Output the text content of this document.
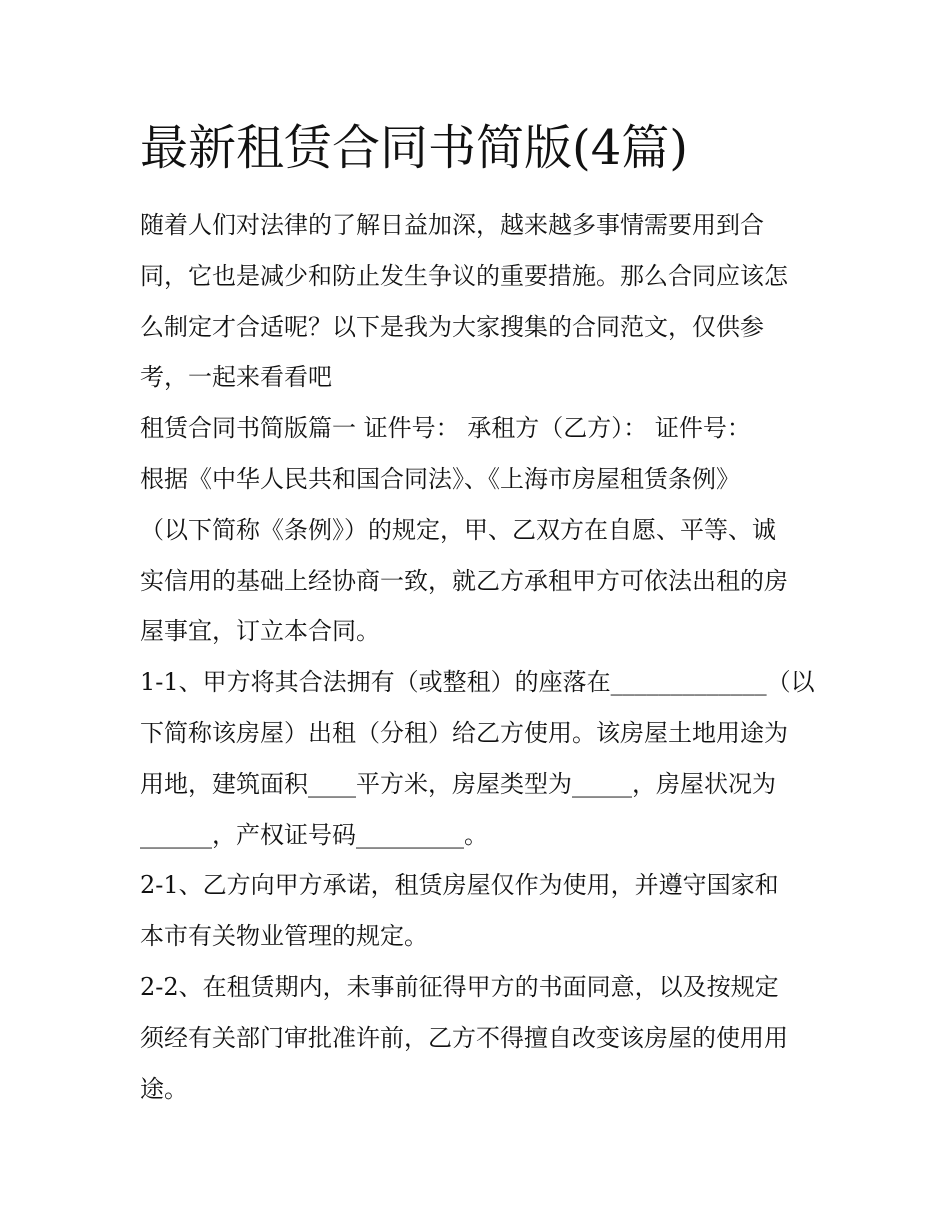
最新租赁合同书简版(4篇)

随着人们对法律的了解日益加深，越来越多事情需要用到合

同，它也是减少和防止发生争议的重要措施。那么合同应该怎

么制定才合适呢？以下是我为大家搜集的合同范文，仅供参

考，一起来看看吧

租赁合同书简版篇一 证件号： 承租方（乙方）： 证件号：

根据《中华人民共和国合同法》、《上海市房屋租赁条例》

（以下简称《条例》）的规定，甲、乙双方在自愿、平等、诚

实信用的基础上经协商一致，就乙方承租甲方可依法出租的房

屋事宜，订立本合同。

1-1、甲方将其合法拥有（或整租）的座落在_____________（以

下简称该房屋）出租（分租）给乙方使用。该房屋土地用途为

用地，建筑面积____平方米，房屋类型为_____，房屋状况为

______，产权证号码_________。

2-1、乙方向甲方承诺，租赁房屋仅作为使用，并遵守国家和

本市有关物业管理的规定。

2-2、在租赁期内，未事前征得甲方的书面同意，以及按规定

须经有关部门审批准许前，乙方不得擅自改变该房屋的使用用

途。
